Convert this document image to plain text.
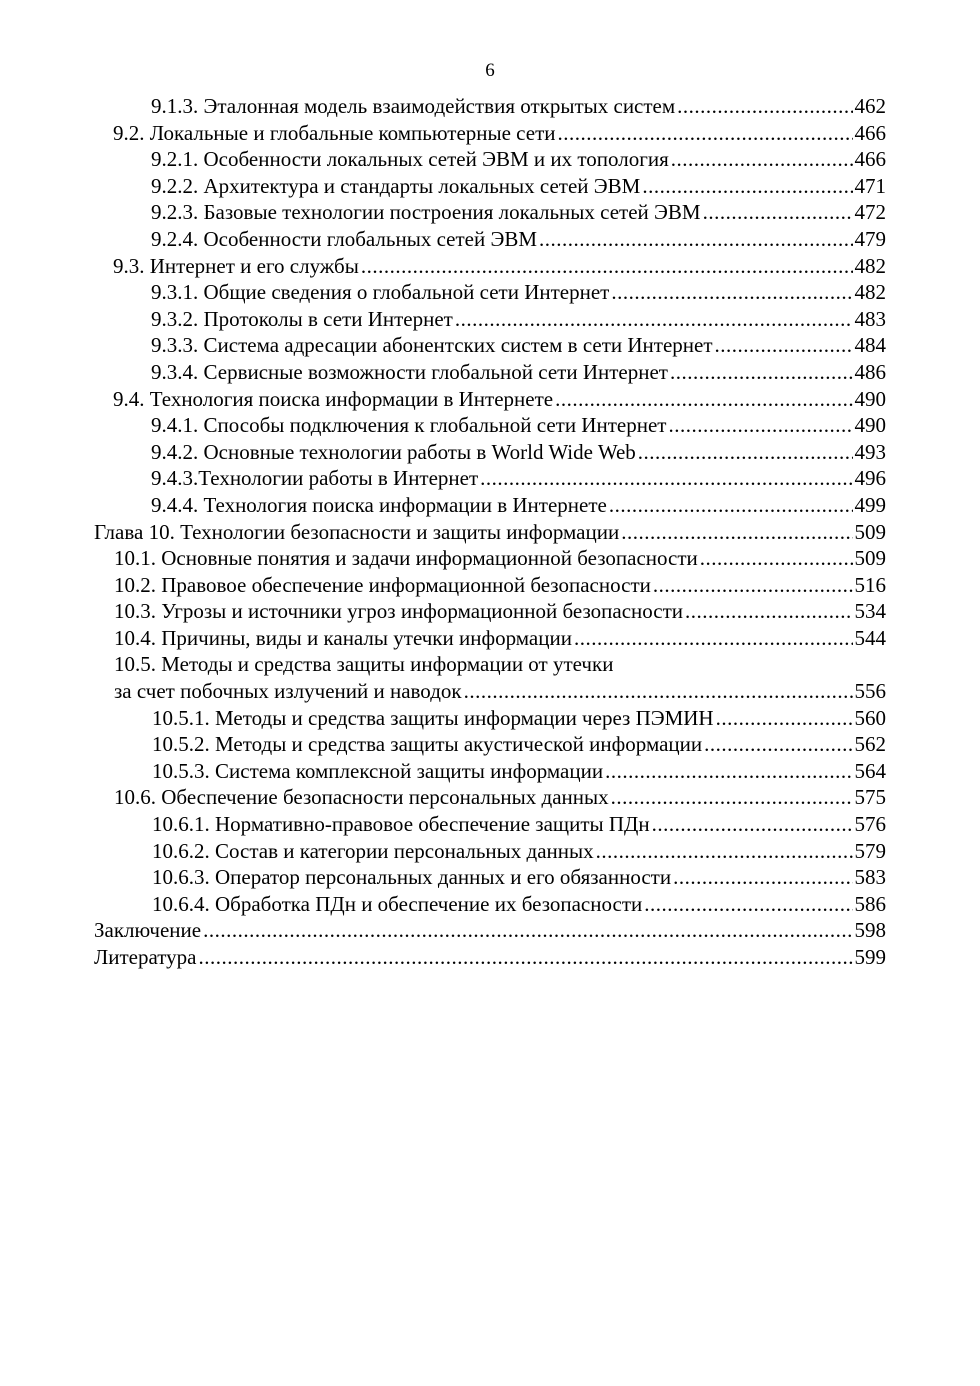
6
9.1.3. Эталонная модель взаимодействия открытых систем .....	462
9.2. Локальные и глобальные компьютерные сети .....	466
9.2.1. Особенности локальных сетей ЭВМ и их топология .....	466
9.2.2. Архитектура и стандарты локальных сетей ЭВМ .....	471
9.2.3. Базовые технологии построения локальных сетей ЭВМ .....	472
9.2.4. Особенности глобальных сетей ЭВМ .....	479
9.3. Интернет и его службы .....	482
9.3.1. Общие сведения о глобальной сети Интернет .....	482
9.3.2. Протоколы в сети Интернет .....	483
9.3.3. Система адресации абонентских систем в сети Интернет .....	484
9.3.4. Сервисные возможности глобальной сети Интернет .....	486
9.4. Технология поиска информации в Интернете .....	490
9.4.1. Способы подключения к глобальной сети Интернет .....	490
9.4.2. Основные технологии работы в World Wide Web .....	493
9.4.3.Технологии работы в Интернет .....	496
9.4.4. Технология поиска информации в Интернете .....	499
Глава 10. Технологии безопасности и защиты информации .....	509
10.1. Основные понятия и задачи информационной безопасности .....	509
10.2. Правовое обеспечение информационной безопасности .....	516
10.3. Угрозы и источники угроз информационной безопасности .....	534
10.4. Причины, виды и каналы утечки информации .....	544
10.5. Методы и средства защиты информации от утечки
за счет побочных излучений и наводок .....	556
10.5.1. Методы и средства защиты информации через ПЭМИН .....	560
10.5.2. Методы и средства защиты акустической информации .....	562
10.5.3. Система комплексной защиты информации .....	564
10.6. Обеспечение безопасности персональных данных .....	575
10.6.1. Нормативно-правовое обеспечение защиты ПДн .....	576
10.6.2. Состав и категории персональных данных .....	579
10.6.3. Оператор персональных данных и его обязанности .....	583
10.6.4. Обработка ПДн и обеспечение их безопасности .....	586
Заключение .....	598
Литература .....	599
